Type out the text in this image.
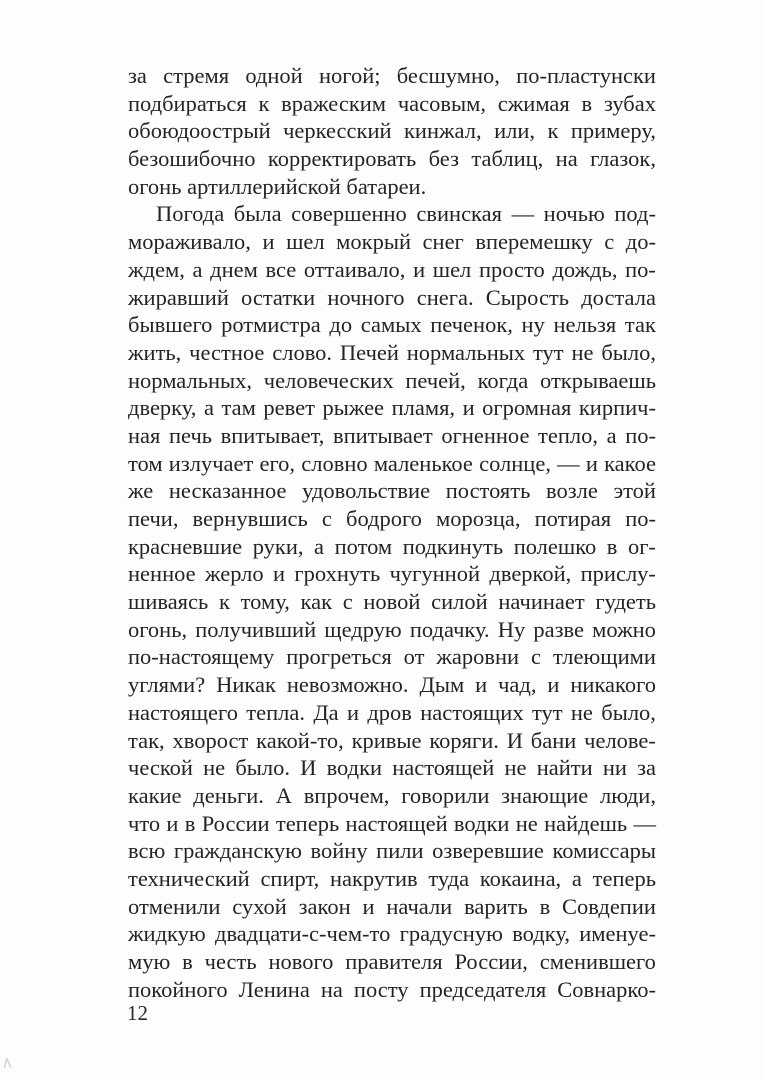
за стремя одной ногой; бесшумно, по-пластунски
подбираться к вражеским часовым, сжимая в зубах
обоюдоострый черкесский кинжал, или, к примеру,
безошибочно корректировать без таблиц, на глазок,
огонь артиллерийской батареи.
Погода была совершенно свинская — ночью под-
мораживало, и шел мокрый снег вперемешку с до-
ждем, а днем все оттаивало, и шел просто дождь, по-
жиравший остатки ночного снега. Сырость достала
бывшего ротмистра до самых печенок, ну нельзя так
жить, честное слово. Печей нормальных тут не было,
нормальных, человеческих печей, когда открываешь
дверку, а там ревет рыжее пламя, и огромная кирпич-
ная печь впитывает, впитывает огненное тепло, а по-
том излучает его, словно маленькое солнце, — и какое
же несказанное удовольствие постоять возле этой
печи, вернувшись с бодрого морозца, потирая по-
красневшие руки, а потом подкинуть полешко в ог-
ненное жерло и грохнуть чугунной дверкой, прислу-
шиваясь к тому, как с новой силой начинает гудеть
огонь, получивший щедрую подачку. Ну разве можно
по-настоящему прогреться от жаровни с тлеющими
углями? Никак невозможно. Дым и чад, и никакого
настоящего тепла. Да и дров настоящих тут не было,
так, хворост какой-то, кривые коряги. И бани челове-
ческой не было. И водки настоящей не найти ни за
какие деньги. А впрочем, говорили знающие люди,
что и в России теперь настоящей водки не найдешь —
всю гражданскую войну пили озверевшие комиссары
технический спирт, накрутив туда кокаина, а теперь
отменили сухой закон и начали варить в Совдепии
жидкую двадцати-с-чем-то градусную водку, именуе-
мую в честь нового правителя России, сменившего
покойного Ленина на посту председателя Совнарко-
12
∧
